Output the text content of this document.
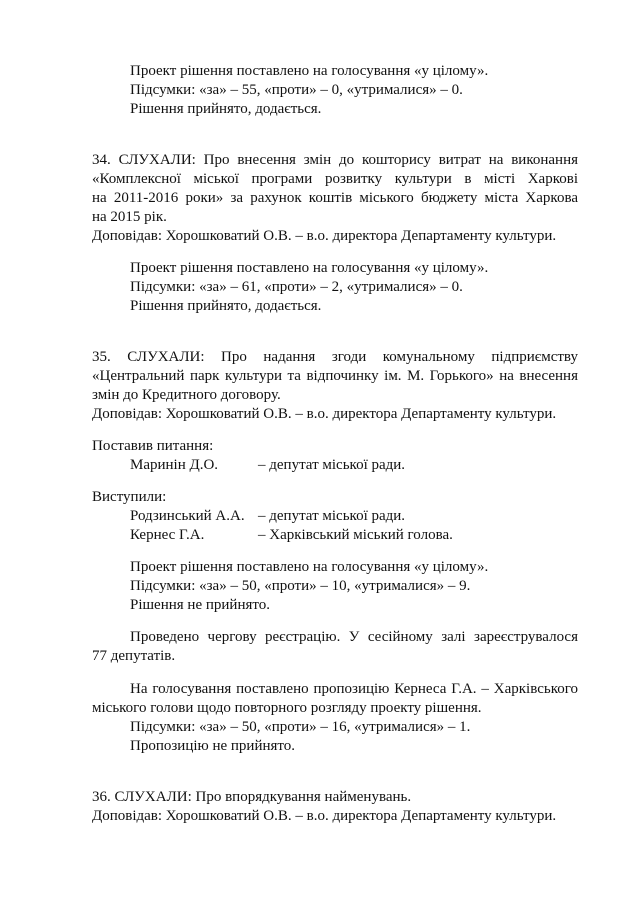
Проект рішення поставлено на голосування «у цілому».
Підсумки: «за» – 55, «проти» – 0, «утрималися» – 0.
Рішення прийнято, додається.
34. СЛУХАЛИ: Про внесення змін до кошторису витрат на виконання
«Комплексної міської програми розвитку культури в місті Харкові
на 2011-2016 роки» за рахунок коштів міського бюджету міста Харкова
на 2015 рік.
Доповідав: Хорошковатий О.В. – в.о. директора Департаменту культури.
Проект рішення поставлено на голосування «у цілому».
Підсумки: «за» – 61, «проти» – 2, «утрималися» – 0.
Рішення прийнято, додається.
35. СЛУХАЛИ: Про надання згоди комунальному підприємству
«Центральний парк культури та відпочинку ім. М. Горького» на внесення
змін до Кредитного договору.
Доповідав: Хорошковатий О.В. – в.о. директора Департаменту культури.
Поставив питання:
Маринін Д.О.	– депутат міської ради.
Виступили:
Родзинський А.А. – депутат міської ради.
Кернес Г.А.	– Харківський міський голова.
Проект рішення поставлено на голосування «у цілому».
Підсумки: «за» – 50, «проти» – 10, «утрималися» – 9.
Рішення не прийнято.
Проведено чергову реєстрацію. У сесійному залі зареєструвалося
77 депутатів.
На голосування поставлено пропозицію Кернеса Г.А. – Харківського
міського голови щодо повторного розгляду проекту рішення.
Підсумки: «за» – 50, «проти» – 16, «утрималися» – 1.
Пропозицію не прийнято.
36. СЛУХАЛИ: Про впорядкування найменувань.
Доповідав: Хорошковатий О.В. – в.о. директора Департаменту культури.
